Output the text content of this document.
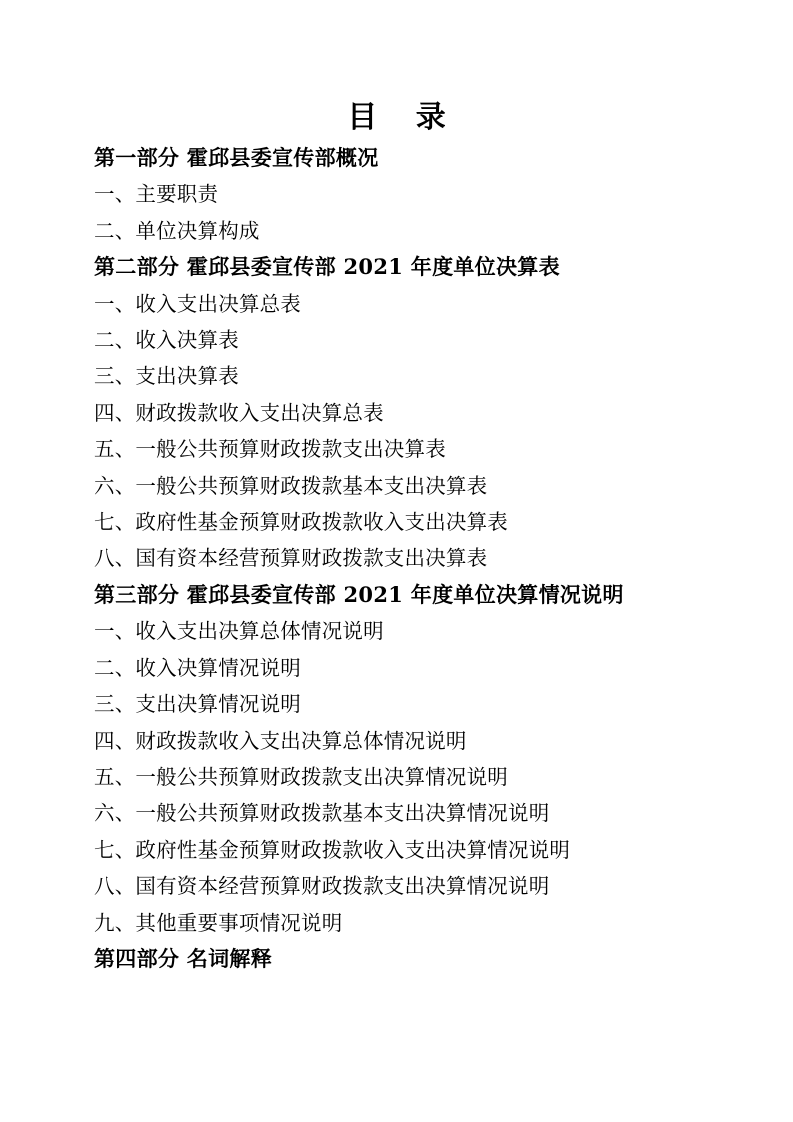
目 录
第一部分 霍邱县委宣传部概况
一、主要职责
二、单位决算构成
第二部分 霍邱县委宣传部 2021 年度单位决算表
一、收入支出决算总表
二、收入决算表
三、支出决算表
四、财政拨款收入支出决算总表
五、一般公共预算财政拨款支出决算表
六、一般公共预算财政拨款基本支出决算表
七、政府性基金预算财政拨款收入支出决算表
八、国有资本经营预算财政拨款支出决算表
第三部分 霍邱县委宣传部 2021 年度单位决算情况说明
一、收入支出决算总体情况说明
二、收入决算情况说明
三、支出决算情况说明
四、财政拨款收入支出决算总体情况说明
五、一般公共预算财政拨款支出决算情况说明
六、一般公共预算财政拨款基本支出决算情况说明
七、政府性基金预算财政拨款收入支出决算情况说明
八、国有资本经营预算财政拨款支出决算情况说明
九、其他重要事项情况说明
第四部分 名词解释
